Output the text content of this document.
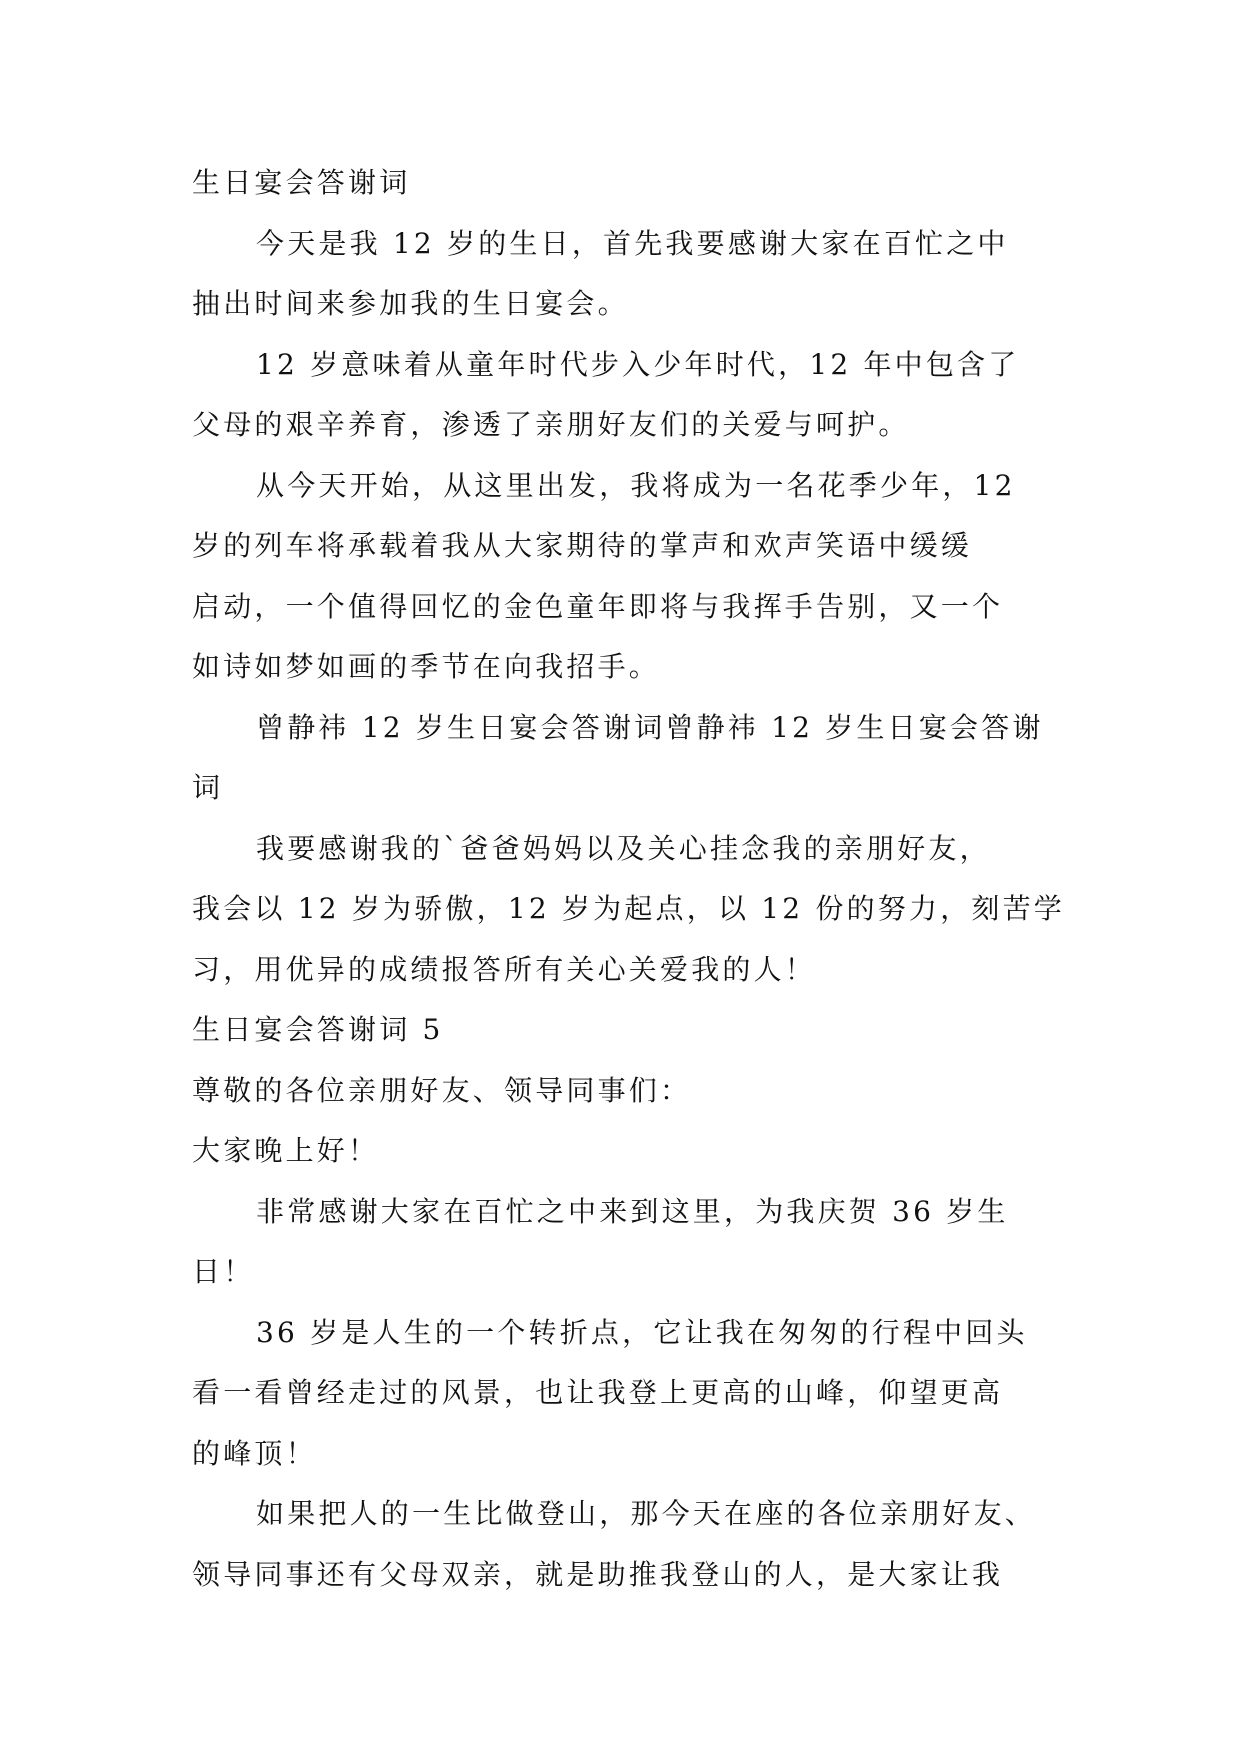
生日宴会答谢词
今天是我 12 岁的生日，首先我要感谢大家在百忙之中
抽出时间来参加我的生日宴会。
12 岁意味着从童年时代步入少年时代，12 年中包含了
父母的艰辛养育，渗透了亲朋好友们的关爱与呵护。
从今天开始，从这里出发，我将成为一名花季少年，12
岁的列车将承载着我从大家期待的掌声和欢声笑语中缓缓
启动，一个值得回忆的金色童年即将与我挥手告别，又一个
如诗如梦如画的季节在向我招手。
曾静祎 12 岁生日宴会答谢词曾静祎 12 岁生日宴会答谢
词
我要感谢我的`爸爸妈妈以及关心挂念我的亲朋好友，
我会以 12 岁为骄傲，12 岁为起点，以 12 份的努力，刻苦学
习，用优异的成绩报答所有关心关爱我的人！
生日宴会答谢词 5
尊敬的各位亲朋好友、领导同事们：
大家晚上好！
非常感谢大家在百忙之中来到这里，为我庆贺 36 岁生
日！
36 岁是人生的一个转折点，它让我在匆匆的行程中回头
看一看曾经走过的风景，也让我登上更高的山峰，仰望更高
的峰顶！
如果把人的一生比做登山，那今天在座的各位亲朋好友、
领导同事还有父母双亲，就是助推我登山的人，是大家让我
